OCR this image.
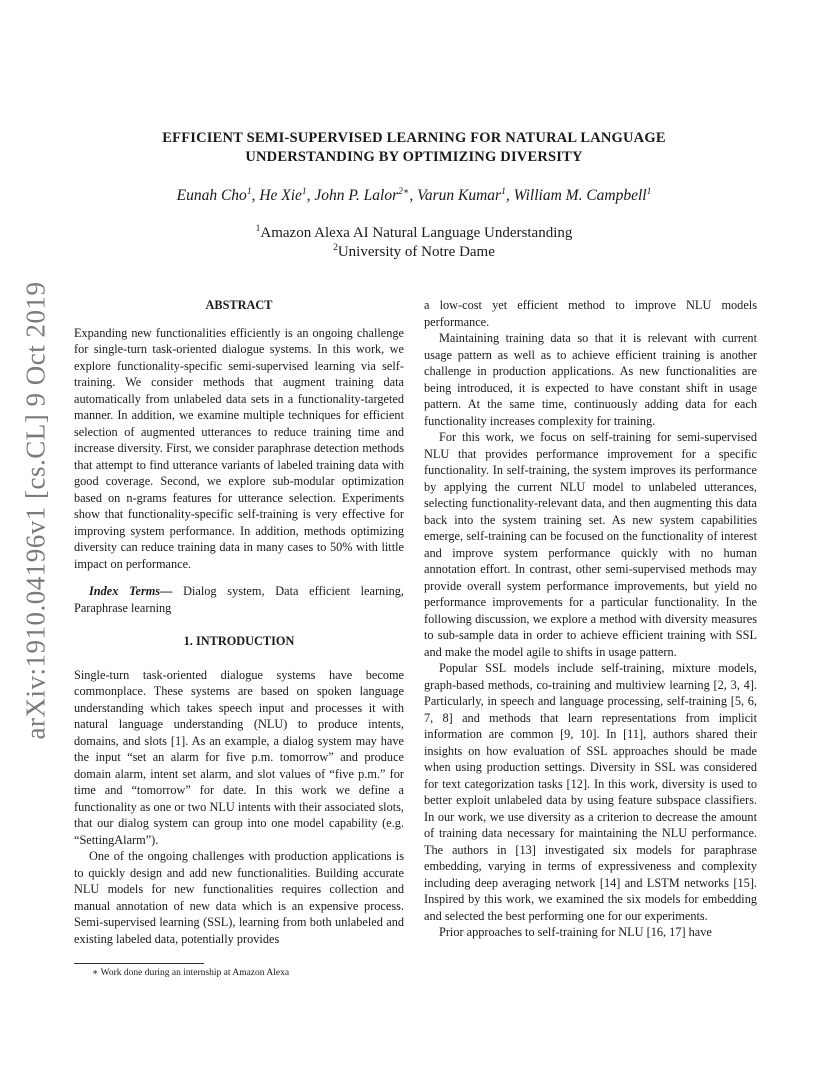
arXiv:1910.04196v1 [cs.CL] 9 Oct 2019
EFFICIENT SEMI-SUPERVISED LEARNING FOR NATURAL LANGUAGE
UNDERSTANDING BY OPTIMIZING DIVERSITY
Eunah Cho$^1$, He Xie$^1$, John P. Lalor$^{2∗}$, Varun Kumar$^1$, William M. Campbell$^1$
$^1$Amazon Alexa AI Natural Language Understanding
$^2$University of Notre Dame
ABSTRACT

Expanding new functionalities efficiently is an ongoing challenge for single-turn task-oriented dialogue systems. In this work, we explore functionality-specific semi-supervised learning via self-training. We consider methods that augment training data automatically from unlabeled data sets in a functionality-targeted manner. In addition, we examine multiple techniques for efficient selection of augmented utterances to reduce training time and increase diversity. First, we consider paraphrase detection methods that attempt to find utterance variants of labeled training data with good coverage. Second, we explore sub-modular optimization based on n-grams features for utterance selection. Experiments show that functionality-specific self-training is very effective for improving system performance. In addition, methods optimizing diversity can reduce training data in many cases to 50% with little impact on performance.

Index Terms— Dialog system, Data efficient learning, Paraphrase learning

1. INTRODUCTION

Single-turn task-oriented dialogue systems have become commonplace. These systems are based on spoken language understanding which takes speech input and processes it with natural language understanding (NLU) to produce intents, domains, and slots [1]. As an example, a dialog system may have the input “set an alarm for five p.m. tomorrow” and produce domain alarm, intent set alarm, and slot values of “five p.m.” for time and “tomorrow” for date. In this work we define a functionality as one or two NLU intents with their associated slots, that our dialog system can group into one model capability (e.g. “SettingAlarm”).

One of the ongoing challenges with production applications is to quickly design and add new functionalities. Building accurate NLU models for new functionalities requires collection and manual annotation of new data which is an expensive process. Semi-supervised learning (SSL), learning from both unlabeled and existing labeled data, potentially provides

a low-cost yet efficient method to improve NLU models performance.

Maintaining training data so that it is relevant with current usage pattern as well as to achieve efficient training is another challenge in production applications. As new functionalities are being introduced, it is expected to have constant shift in usage pattern. At the same time, continuously adding data for each functionality increases complexity for training.

For this work, we focus on self-training for semi-supervised NLU that provides performance improvement for a specific functionality. In self-training, the system improves its performance by applying the current NLU model to unlabeled utterances, selecting functionality-relevant data, and then augmenting this data back into the system training set. As new system capabilities emerge, self-training can be focused on the functionality of interest and improve system performance quickly with no human annotation effort. In contrast, other semi-supervised methods may provide overall system performance improvements, but yield no performance improvements for a particular functionality. In the following discussion, we explore a method with diversity measures to sub-sample data in order to achieve efficient training with SSL and make the model agile to shifts in usage pattern.

Popular SSL models include self-training, mixture models, graph-based methods, co-training and multiview learning [2, 3, 4]. Particularly, in speech and language processing, self-training [5, 6, 7, 8] and methods that learn representations from implicit information are common [9, 10]. In [11], authors shared their insights on how evaluation of SSL approaches should be made when using production settings. Diversity in SSL was considered for text categorization tasks [12]. In this work, diversity is used to better exploit unlabeled data by using feature subspace classifiers. In our work, we use diversity as a criterion to decrease the amount of training data necessary for maintaining the NLU performance. The authors in [13] investigated six models for paraphrase embedding, varying in terms of expressiveness and complexity including deep averaging network [14] and LSTM networks [15]. Inspired by this work, we examined the six models for embedding and selected the best performing one for our experiments.

Prior approaches to self-training for NLU [16, 17] have

∗ Work done during an internship at Amazon Alexa
